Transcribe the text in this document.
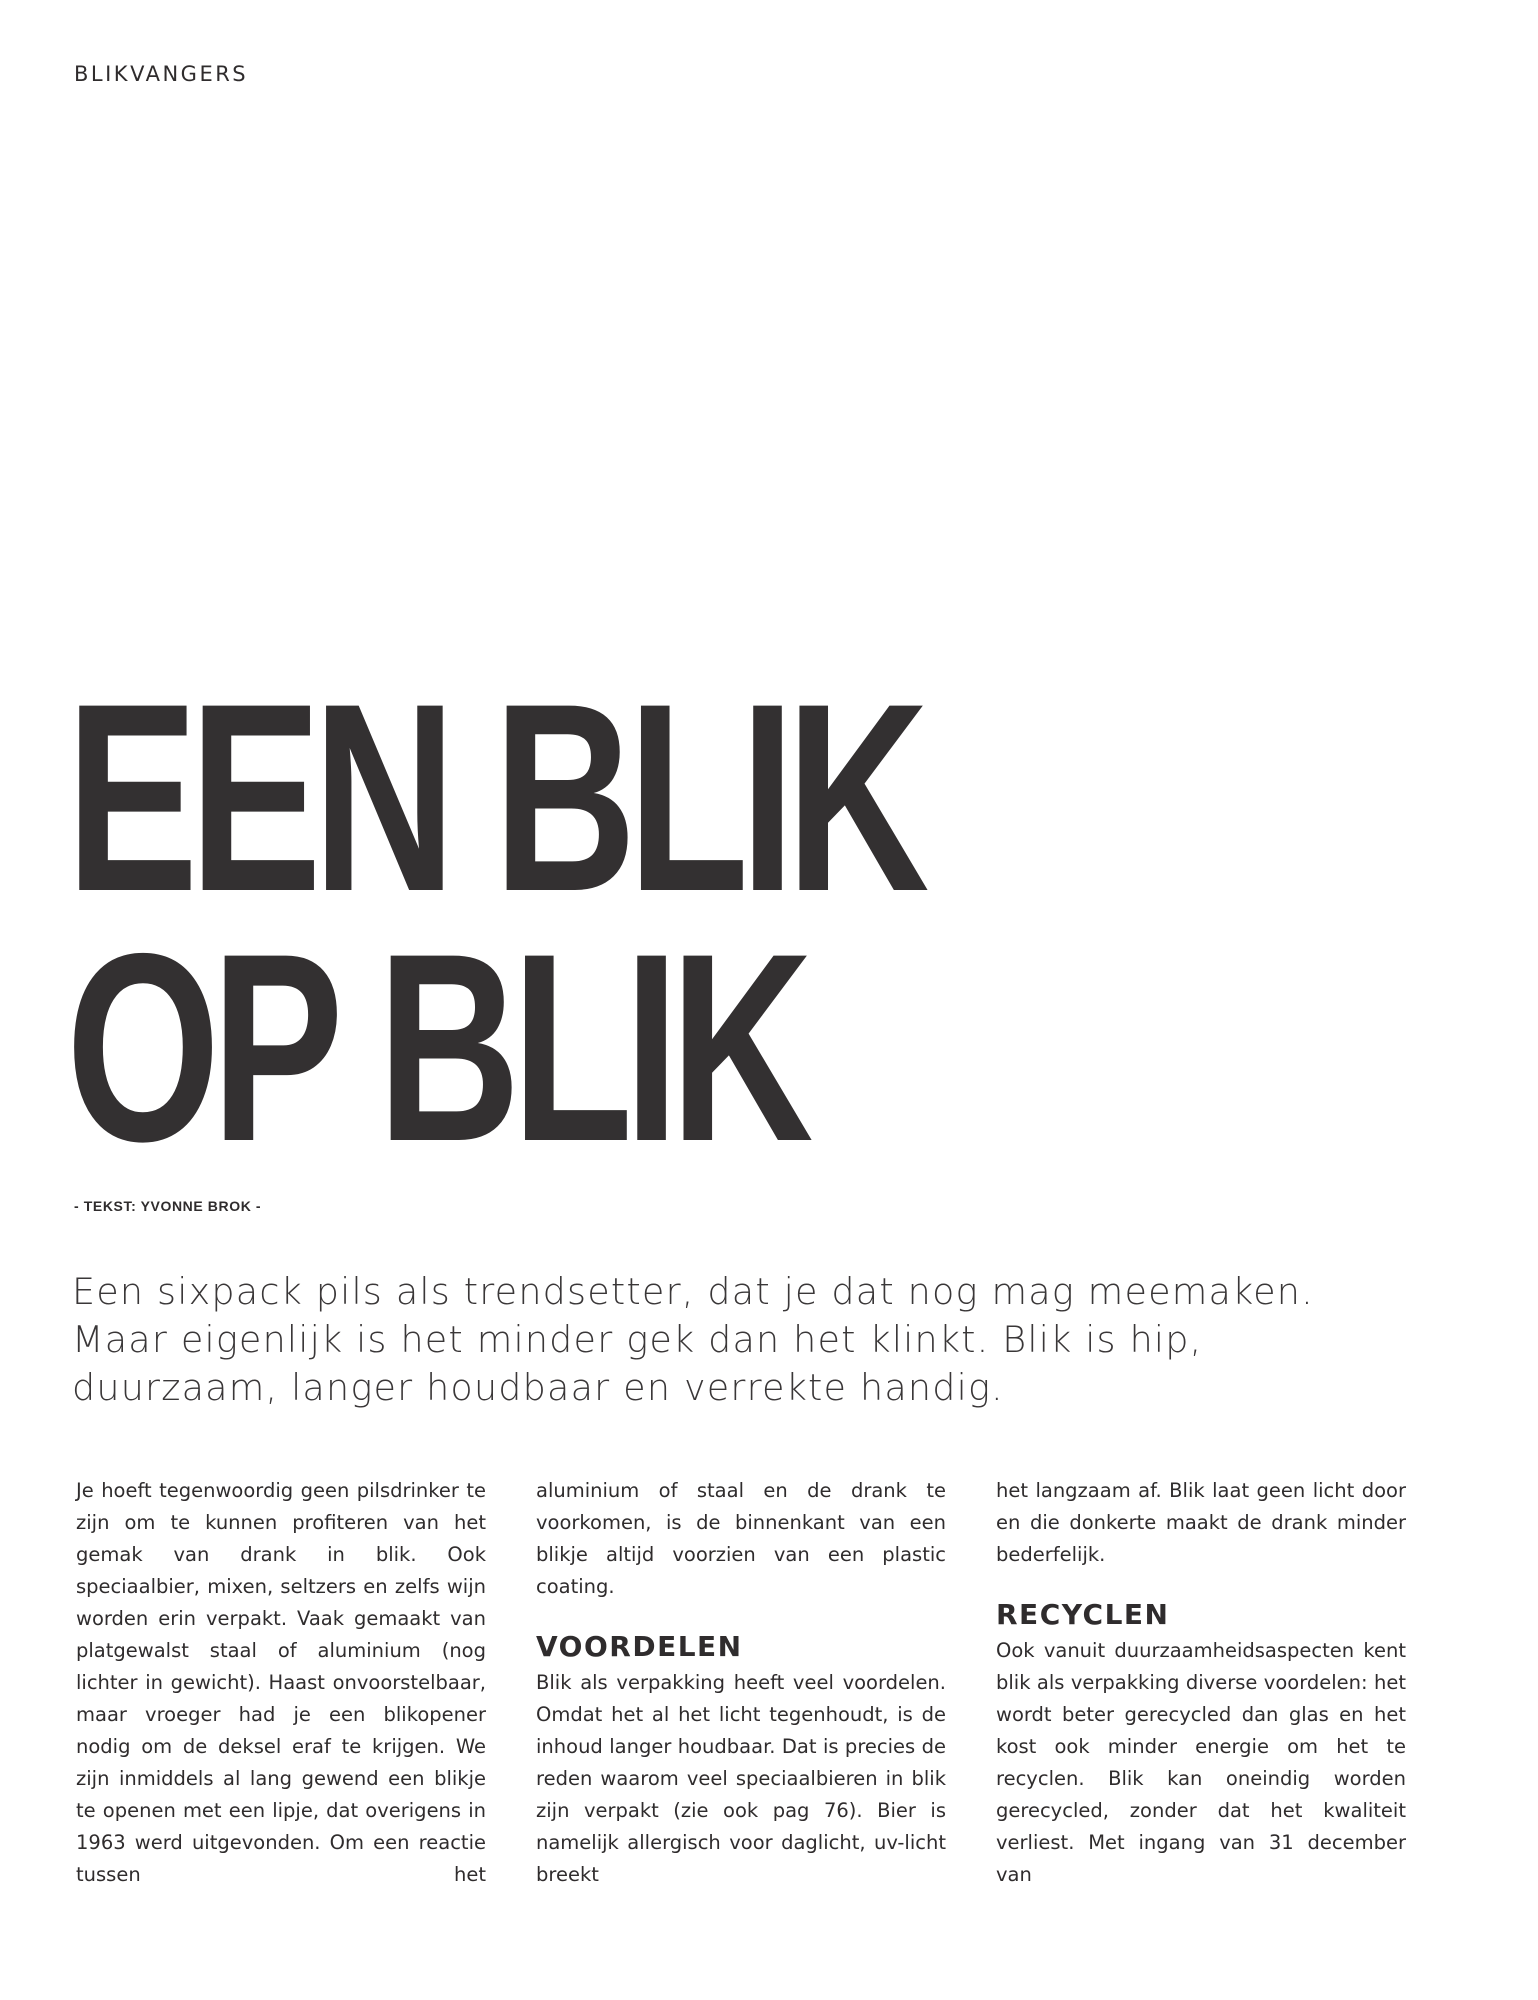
BLIKVANGERS
EEN BLIK
OP BLIK
- TEKST: YVONNE BROK -

Een sixpack pils als trendsetter, dat je dat nog mag meemaken.
Maar eigenlijk is het minder gek dan het klinkt. Blik is hip,
duurzaam, langer houdbaar en verrekte handig.

Je hoeft tegenwoordig geen pilsdrinker te zijn om te kunnen profiteren van het gemak van drank in blik. Ook speciaalbier, mixen, seltzers en zelfs wijn worden erin verpakt. Vaak gemaakt van platgewalst staal of aluminium (nog lichter in gewicht). Haast onvoorstelbaar, maar vroeger had je een blikopener nodig om de deksel eraf te krijgen. We zijn inmiddels al lang gewend een blikje te openen met een lipje, dat overigens in 1963 werd uitgevonden. Om een reactie tussen het

aluminium of staal en de drank te voorkomen, is de binnenkant van een blikje altijd voorzien van een plastic coating.

VOORDELEN

Blik als verpakking heeft veel voordelen. Omdat het al het licht tegenhoudt, is de inhoud langer houdbaar. Dat is precies de reden waarom veel speciaalbieren in blik zijn verpakt (zie ook pag 76). Bier is namelijk allergisch voor daglicht, uv-licht breekt

het langzaam af. Blik laat geen licht door en die donkerte maakt de drank minder bederfelijk.

RECYCLEN

Ook vanuit duurzaamheidsaspecten kent blik als verpakking diverse voordelen: het wordt beter gerecycled dan glas en het kost ook minder energie om het te recyclen. Blik kan oneindig worden gerecycled, zonder dat het kwaliteit verliest. Met ingang van 31 december van
